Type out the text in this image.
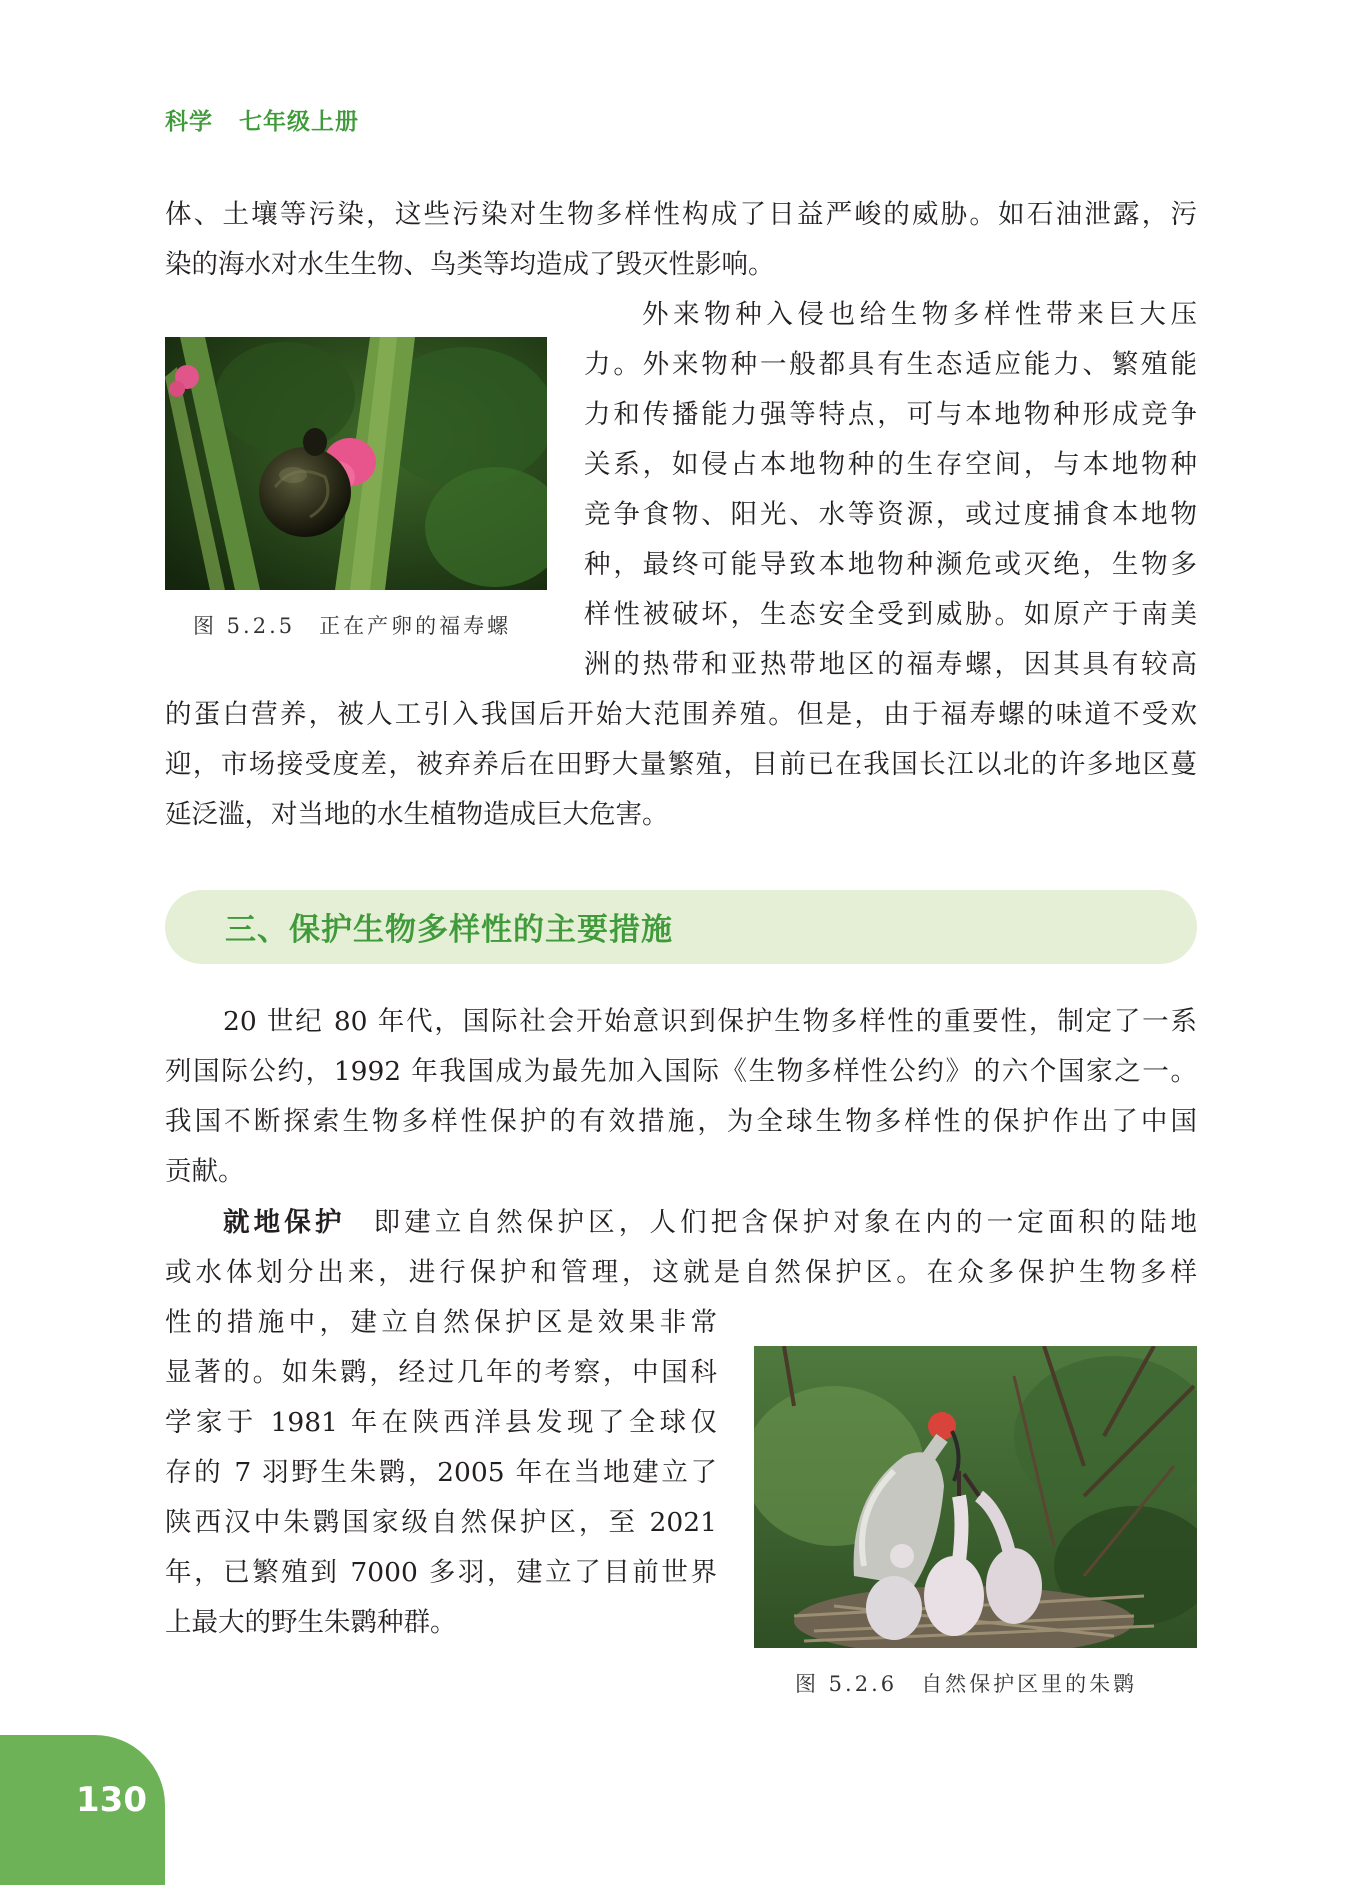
科学 七年级上册
体、土壤等污染，这些污染对生物多样性构成了日益严峻的威胁。如石油泄露，污
染的海水对水生生物、鸟类等均造成了毁灭性影响。
图 5.2.5　正在产卵的福寿螺
外来物种入侵也给生物多样性带来巨大压
力。外来物种一般都具有生态适应能力、繁殖能
力和传播能力强等特点，可与本地物种形成竞争
关系，如侵占本地物种的生存空间，与本地物种
竞争食物、阳光、水等资源，或过度捕食本地物
种，最终可能导致本地物种濒危或灭绝，生物多
样性被破坏，生态安全受到威胁。如原产于南美
洲的热带和亚热带地区的福寿螺，因其具有较高
的蛋白营养，被人工引入我国后开始大范围养殖。但是，由于福寿螺的味道不受欢
迎，市场接受度差，被弃养后在田野大量繁殖，目前已在我国长江以北的许多地区蔓
延泛滥，对当地的水生植物造成巨大危害。
三、保护生物多样性的主要措施
20 世纪 80 年代，国际社会开始意识到保护生物多样性的重要性，制定了一系
列国际公约，1992 年我国成为最先加入国际《生物多样性公约》的六个国家之一。
我国不断探索生物多样性保护的有效措施，为全球生物多样性的保护作出了中国
贡献。
就地保护 即建立自然保护区，人们把含保护对象在内的一定面积的陆地
或水体划分出来，进行保护和管理，这就是自然保护区。在众多保护生物多样
性的措施中，建立自然保护区是效果非常
显著的。如朱鹮，经过几年的考察，中国科
学家于 1981 年在陕西洋县发现了全球仅
存的 7 羽野生朱鹮，2005 年在当地建立了
陕西汉中朱鹮国家级自然保护区，至 2021
年，已繁殖到 7000 多羽，建立了目前世界
上最大的野生朱鹮种群。
图 5.2.6　自然保护区里的朱鹮
130
